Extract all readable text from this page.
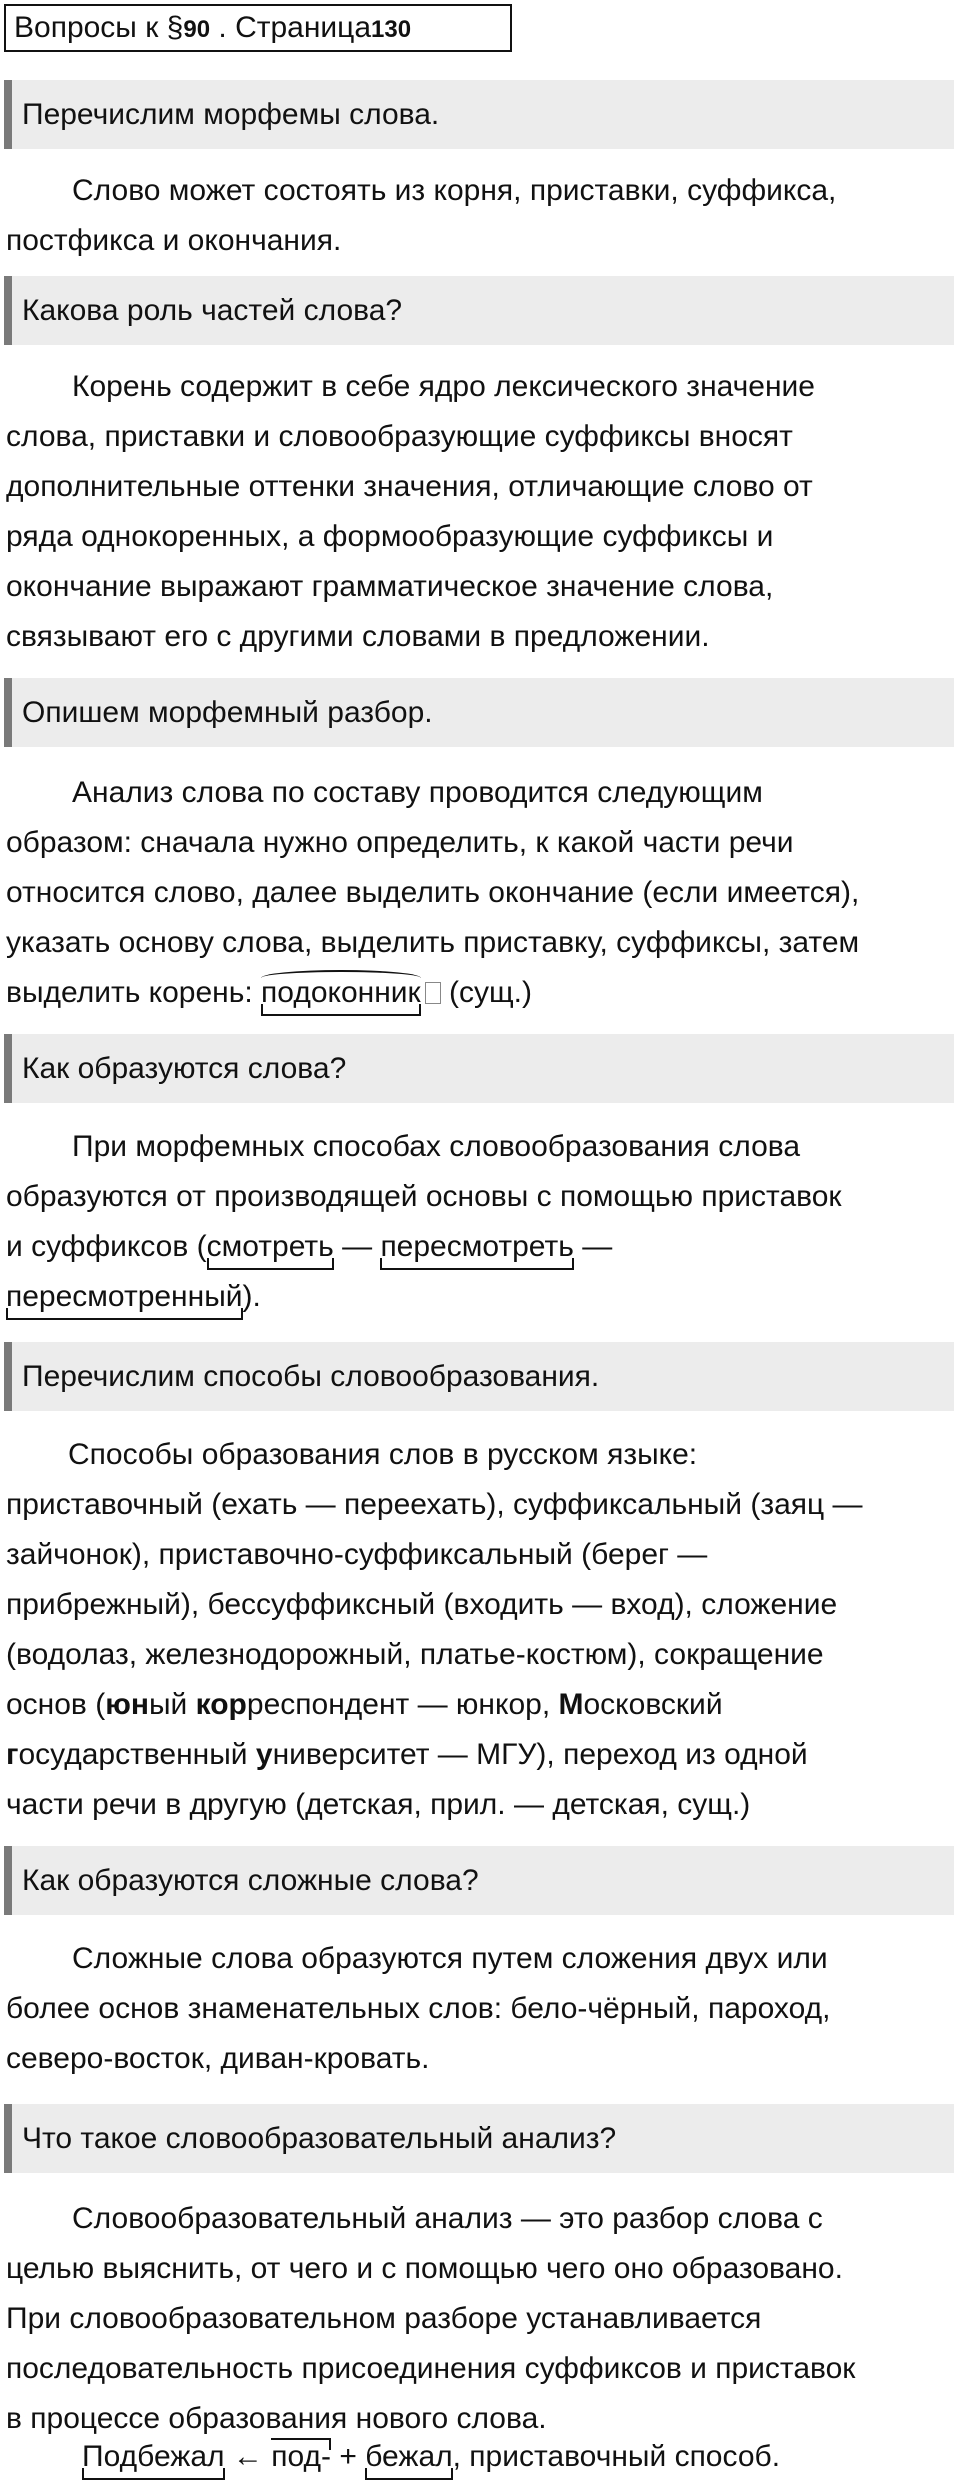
Вопросы к §90 . Страница130
Перечислим морфемы слова.
Слово может состоять из корня, приставки, суффикса,
постфикса и окончания.
Какова роль частей слова?
Корень содержит в себе ядро лексического значение
слова, приставки и словообразующие суффиксы вносят
дополнительные оттенки значения, отличающие слово от
ряда однокоренных, а формообразующие суффиксы и
окончание выражают грамматическое значение слова,
связывают его с другими словами в предложении.
Опишем морфемный разбор.
Анализ слова по составу проводится следующим
образом: сначала нужно определить, к какой части речи
относится слово, далее выделить окончание (если имеется),
указать основу слова, выделить приставку, суффиксы, затем
выделить корень: подоконник (сущ.)
Как образуются слова?
При морфемных способах словообразования слова
образуются от производящей основы с помощью приставок
и суффиксов (смотреть — пересмотреть —
пересмотренный).
Перечислим способы словообразования.
Способы образования слов в русском языке:
приставочный (ехать — переехать), суффиксальный (заяц —
зайчонок), приставочно-суффиксальный (берег —
прибрежный), бессуффиксный (входить — вход), сложение
(водолаз, железнодорожный, платье-костюм), сокращение
основ (юный корреспондент — юнкор, Московский
государственный университет — МГУ), переход из одной
части речи в другую (детская, прил. — детская, сущ.)
Как образуются сложные слова?
Сложные слова образуются путем сложения двух или
более основ знаменательных слов: бело-чёрный, пароход,
северо-восток, диван-кровать.
Что такое словообразовательный анализ?
Словообразовательный анализ — это разбор слова с
целью выяснить, от чего и с помощью чего оно образовано.
При словообразовательном разборе устанавливается
последовательность присоединения суффиксов и приставок
в процессе образования нового слова.
Подбежал ← под- + бежал, приставочный способ.
